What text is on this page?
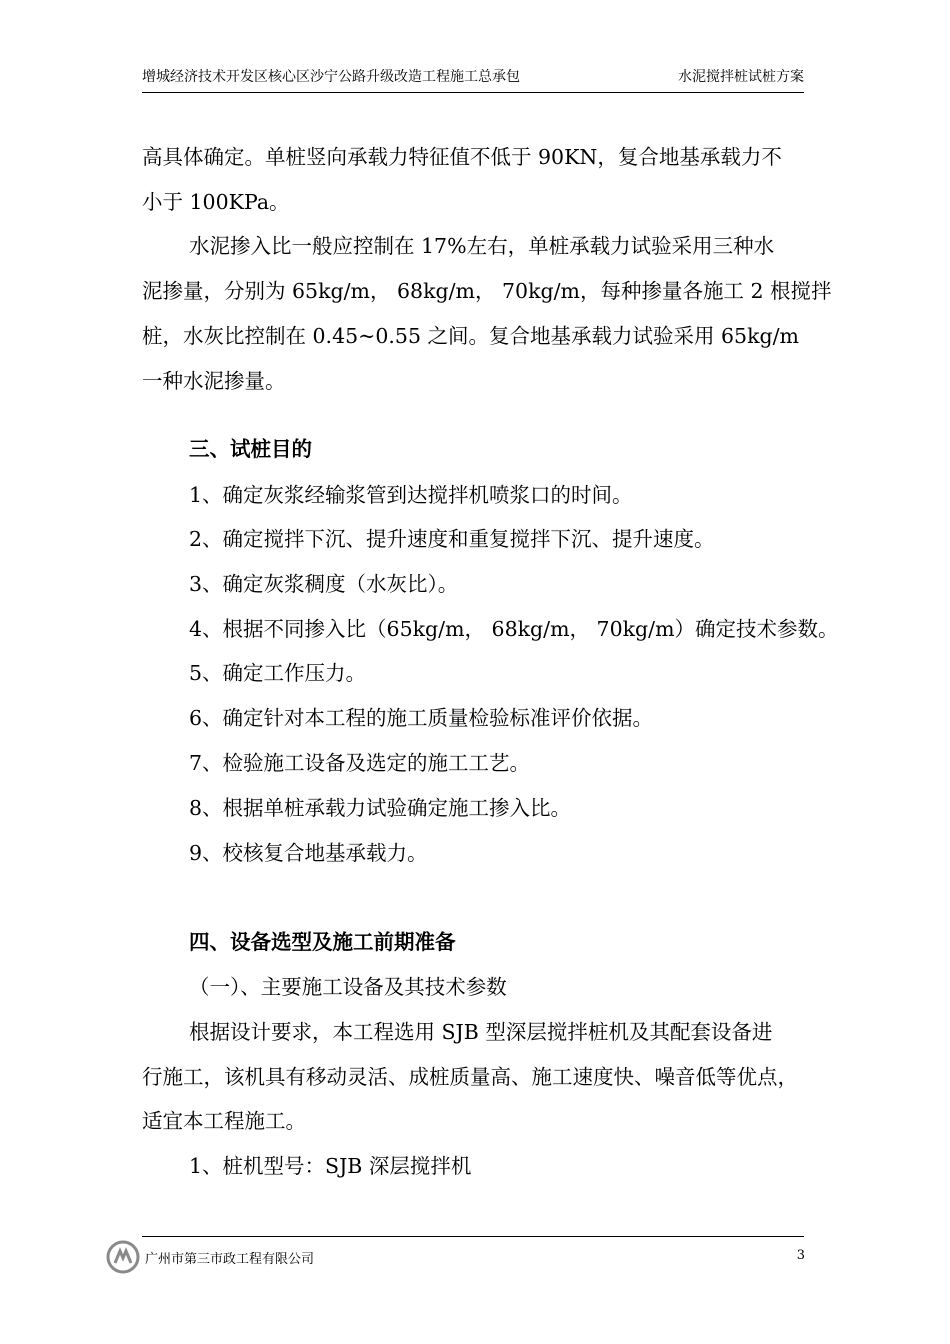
增城经济技术开发区核心区沙宁公路升级改造工程施工总承包	水泥搅拌桩试桩方案
高具体确定。单桩竖向承载力特征值不低于 90KN，复合地基承载力不
小于 100KPa。
水泥掺入比一般应控制在 17%左右，单桩承载力试验采用三种水
泥掺量，分别为 65kg/m， 68kg/m， 70kg/m，每种掺量各施工 2 根搅拌
桩，水灰比控制在 0.45~0.55 之间。复合地基承载力试验采用 65kg/m
一种水泥掺量。
三、试桩目的
1、确定灰浆经输浆管到达搅拌机喷浆口的时间。
2、确定搅拌下沉、提升速度和重复搅拌下沉、提升速度。
3、确定灰浆稠度（水灰比）。
4、根据不同掺入比（65kg/m， 68kg/m， 70kg/m）确定技术参数。
5、确定工作压力。
6、确定针对本工程的施工质量检验标准评价依据。
7、检验施工设备及选定的施工工艺。
8、根据单桩承载力试验确定施工掺入比。
9、校核复合地基承载力。
四、设备选型及施工前期准备
（一）、主要施工设备及其技术参数
根据设计要求，本工程选用 SJB 型深层搅拌桩机及其配套设备进
行施工，该机具有移动灵活、成桩质量高、施工速度快、噪音低等优点，
适宜本工程施工。
1、桩机型号：SJB 深层搅拌机
广州市第三市政工程有限公司	3
